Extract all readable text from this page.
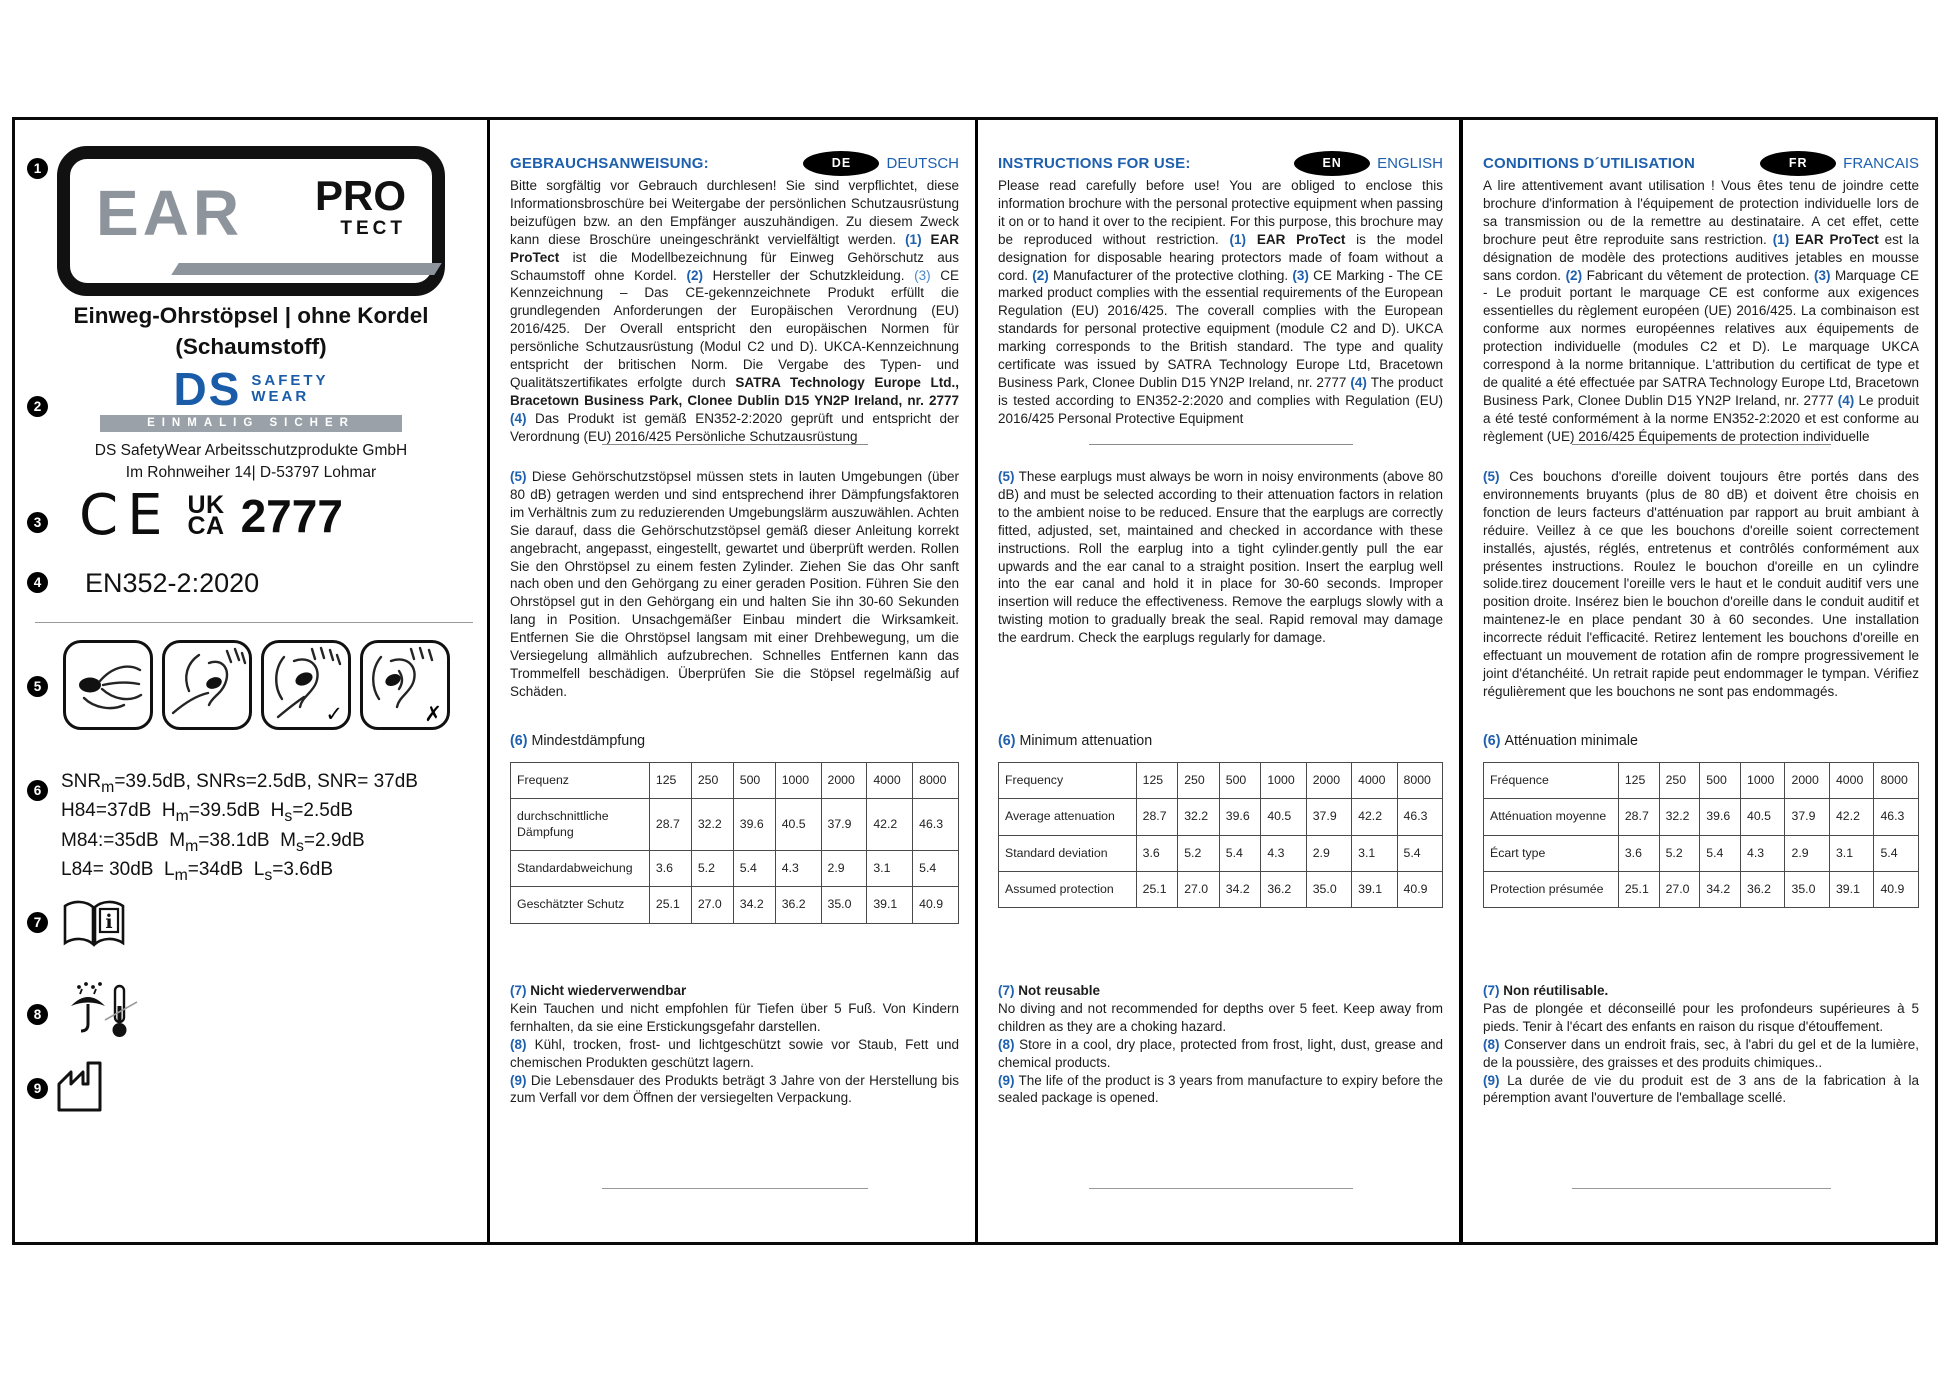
1
EAR PRO
TECT
Einweg-Ohrstöpsel | ohne Kordel
(Schaumstoff)
2	DS SAFETY
WEAR
EINMALIG SICHER
DS SafetyWear Arbeitsschutzprodukte GmbH
Im Rohnweiher 14| D-53797 Lohmar
3 CE UK
CA 2777
4 EN352-2:2020
5
✓	✗
6	$SNR_m=39.5dB$, SNRs=2.5dB, SNR= 37dB

H84=37dB  $H_m=39.5dB$  $H_s=2.5dB$

M84:=35dB  $M_m=38.1dB$  $M_s=2.9dB$

L84= 30dB  $L_m=34dB$  $L_s=3.6dB$

7	i
8
9
GEBRAUCHSANWEISUNG:	DE	DEUTSCH

Bitte sorgfältig vor Gebrauch durchlesen! Sie sind verpflichtet, diese Informationsbroschüre bei Weitergabe der persönlichen Schutzausrüstung beizufügen bzw. an den Empfänger auszuhändigen. Zu diesem Zweck kann diese Broschüre uneingeschränkt vervielfältigt werden. (1) EAR ProTect ist die Modellbezeichnung für Einweg Gehörschutz aus Schaumstoff ohne Kordel. (2) Hersteller der Schutzkleidung. (3) CE Kennzeichnung – Das CE-gekennzeichnete Produkt erfüllt die grundlegenden Anforderungen der Europäischen Verordnung (EU) 2016/425. Der Overall entspricht den europäischen Normen für persönliche Schutzausrüstung (Modul C2 und D). UKCA-Kennzeichnung entspricht der britischen Norm. Die Vergabe des Typen- und Qualitätszertifikates erfolgte durch SATRA Technology Europe Ltd., Bracetown Business Park, Clonee Dublin D15 YN2P Ireland, nr. 2777 (4) Das Produkt ist gemäß EN352-2:2020 geprüft und entspricht der Verordnung (EU) 2016/425 Persönliche Schutzausrüstung

(5) Diese Gehörschutzstöpsel müssen stets in lauten Umgebungen (über 80 dB) getragen werden und sind entsprechend ihrer Dämpfungsfaktoren im Verhältnis zum zu reduzierenden Umgebungslärm auszuwählen. Achten Sie darauf, dass die Gehörschutzstöpsel gemäß dieser Anleitung korrekt angebracht, angepasst, eingestellt, gewartet und überprüft werden. Rollen Sie den Ohrstöpsel zu einem festen Zylinder. Ziehen Sie das Ohr sanft nach oben und den Gehörgang zu einer geraden Position. Führen Sie den Ohrstöpsel gut in den Gehörgang ein und halten Sie ihn 30-60 Sekunden lang in Position. Unsachgemäßer Einbau mindert die Wirksamkeit. Entfernen Sie die Ohrstöpsel langsam mit einer Drehbewegung, um die Versiegelung allmählich aufzubrechen. Schnelles Entfernen kann das Trommelfell beschädigen. Überprüfen Sie die Stöpsel regelmäßig auf Schäden.

(6) Mindestdämpfung

Frequenz	125	250	500	1000	2000	4000	8000
durchschnittliche Dämpfung	28.7	32.2	39.6	40.5	37.9	42.2	46.3
Standardabweichung	3.6	5.2	5.4	4.3	2.9	3.1	5.4
Geschätzter Schutz	25.1	27.0	34.2	36.2	35.0	39.1	40.9

(7) Nicht wiederverwendbar

Kein Tauchen und nicht empfohlen für Tiefen über 5 Fuß. Von Kindern fernhalten, da sie eine Erstickungsgefahr darstellen.

(8) Kühl, trocken, frost- und lichtgeschützt sowie vor Staub, Fett und chemischen Produkten geschützt lagern.

(9) Die Lebensdauer des Produkts beträgt 3 Jahre von der Herstellung bis zum Verfall vor dem Öffnen der versiegelten Verpackung.

INSTRUCTIONS FOR USE:	EN	ENGLISH

Please read carefully before use! You are obliged to enclose this information brochure with the personal protective equipment when passing it on or to hand it over to the recipient. For this purpose, this brochure may be reproduced without restriction. (1) EAR ProTect is the model designation for disposable hearing protectors made of foam without a cord. (2) Manufacturer of the protective clothing. (3) CE Marking - The CE marked product complies with the essential requirements of the European Regulation (EU) 2016/425. The coverall complies with the European standards for personal protective equipment (module C2 and D). UKCA marking corresponds to the British standard. The type and quality certificate was issued by SATRA Technology Europe Ltd, Bracetown Business Park, Clonee Dublin D15 YN2P Ireland, nr. 2777 (4) The product is tested according to EN352-2:2020 and complies with Regulation (EU) 2016/425 Personal Protective Equipment

(5) These earplugs must always be worn in noisy environments (above 80 dB) and must be selected according to their attenuation factors in relation to the ambient noise to be reduced. Ensure that the earplugs are correctly fitted, adjusted, set, maintained and checked in accordance with these instructions. Roll the earplug into a tight cylinder.gently pull the ear upwards and the ear canal to a straight position. Insert the earplug well into the ear canal and hold it in place for 30-60 seconds. Improper insertion will reduce the effectiveness. Remove the earplugs slowly with a twisting motion to gradually break the seal. Rapid removal may damage the eardrum. Check the earplugs regularly for damage.

(6) Minimum attenuation

Frequency	125	250	500	1000	2000	4000	8000
Average attenuation	28.7	32.2	39.6	40.5	37.9	42.2	46.3
Standard deviation	3.6	5.2	5.4	4.3	2.9	3.1	5.4
Assumed protection	25.1	27.0	34.2	36.2	35.0	39.1	40.9

(7) Not reusable

No diving and not recommended for depths over 5 feet. Keep away from children as they are a choking hazard.

(8) Store in a cool, dry place, protected from frost, light, dust, grease and chemical products.

(9) The life of the product is 3 years from manufacture to expiry before the sealed package is opened.

CONDITIONS D´UTILISATION	FR	FRANCAIS

A lire attentivement avant utilisation ! Vous êtes tenu de joindre cette brochure d'information à l'équipement de protection individuelle lors de sa transmission ou de la remettre au destinataire. A cet effet, cette brochure peut être reproduite sans restriction. (1) EAR ProTect est la désignation de modèle des protections auditives jetables en mousse sans cordon. (2) Fabricant du vêtement de protection. (3) Marquage CE - Le produit portant le marquage CE est conforme aux exigences essentielles du règlement européen (UE) 2016/425. La combinaison est conforme aux normes européennes relatives aux équipements de protection individuelle (modules C2 et D). Le marquage UKCA correspond à la norme britannique. L'attribution du certificat de type et de qualité a été effectuée par SATRA Technology Europe Ltd, Bracetown Business Park, Clonee Dublin D15 YN2P Ireland, nr. 2777 (4) Le produit a été testé conformément à la norme EN352-2:2020 et est conforme au règlement (UE) 2016/425 Équipements de protection individuelle

(5) Ces bouchons d'oreille doivent toujours être portés dans des environnements bruyants (plus de 80 dB) et doivent être choisis en fonction de leurs facteurs d'atténuation par rapport au bruit ambiant à réduire. Veillez à ce que les bouchons d'oreille soient correctement installés, ajustés, réglés, entretenus et contrôlés conformément aux présentes instructions. Roulez le bouchon d'oreille en un cylindre solide.tirez doucement l'oreille vers le haut et le conduit auditif vers une position droite. Insérez bien le bouchon d'oreille dans le conduit auditif et maintenez-le en place pendant 30 à 60 secondes. Une installation incorrecte réduit l'efficacité. Retirez lentement les bouchons d'oreille en effectuant un mouvement de rotation afin de rompre progressivement le joint d'étanchéité. Un retrait rapide peut endommager le tympan. Vérifiez régulièrement que les bouchons ne sont pas endommagés.

(6) Atténuation minimale

Fréquence	125	250	500	1000	2000	4000	8000
Atténuation moyenne	28.7	32.2	39.6	40.5	37.9	42.2	46.3
Écart type	3.6	5.2	5.4	4.3	2.9	3.1	5.4
Protection présumée	25.1	27.0	34.2	36.2	35.0	39.1	40.9

(7) Non réutilisable.

Pas de plongée et déconseillé pour les profondeurs supérieures à 5 pieds. Tenir à l'écart des enfants en raison du risque d'étouffement.

(8) Conserver dans un endroit frais, sec, à l'abri du gel et de la lumière, de la poussière, des graisses et des produits chimiques..

(9) La durée de vie du produit est de 3 ans de la fabrication à la péremption avant l'ouverture de l'emballage scellé.
